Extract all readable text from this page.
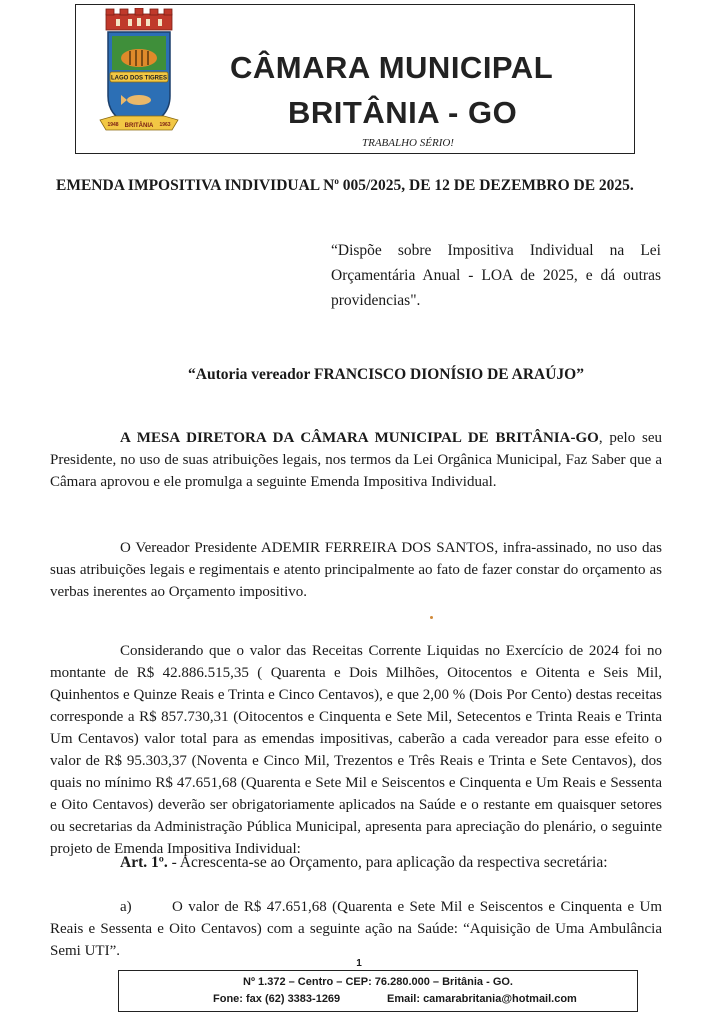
LAGO DOS TIGRES
1948 BRITÂNIA 1963
CÂMARA MUNICIPAL
BRITÂNIA - GO
TRABALHO SÉRIO!
EMENDA IMPOSITIVA INDIVIDUAL $N^o$ 005/2025, DE 12 DE DEZEMBRO DE 2025.
“Dispõe sobre Impositiva Individual na Lei Orçamentária Anual - LOA de 2025, e dá outras providencias".
“Autoria vereador FRANCISCO DIONÍSIO DE ARAÚJO”
A MESA DIRETORA DA CÂMARA MUNICIPAL DE BRITÂNIA-GO, pelo seu Presidente, no uso de suas atribuições legais, nos termos da Lei Orgânica Municipal, Faz Saber que a Câmara aprovou e ele promulga a seguinte Emenda Impositiva Individual.
O Vereador Presidente ADEMIR FERREIRA DOS SANTOS, infra-assinado, no uso das suas atribuições legais e regimentais e atento principalmente ao fato de fazer constar do orçamento as verbas inerentes ao Orçamento impositivo.
Considerando que o valor das Receitas Corrente Liquidas no Exercício de 2024 foi no montante de R$ 42.886.515,35 ( Quarenta e Dois Milhões, Oitocentos e Oitenta e Seis Mil, Quinhentos e Quinze Reais e Trinta e Cinco Centavos), e que 2,00 % (Dois Por Cento) destas receitas corresponde a R$ 857.730,31 (Oitocentos e Cinquenta e Sete Mil, Setecentos e Trinta Reais e Trinta Um Centavos) valor total para as emendas impositivas, caberão a cada vereador para esse efeito o valor de R$ 95.303,37 (Noventa e Cinco Mil, Trezentos e Três Reais e Trinta e Sete Centavos), dos quais no mínimo R$ 47.651,68 (Quarenta e Sete Mil e Seiscentos e Cinquenta e Um Reais e Sessenta e Oito Centavos) deverão ser obrigatoriamente aplicados na Saúde e o restante em quaisquer setores ou secretarias da Administração Pública Municipal, apresenta para apreciação do plenário, o seguinte projeto de Emenda Impositiva Individual:
Art. 1º. - Acrescenta-se ao Orçamento, para aplicação da respectiva secretária:
a)	O valor de R$ 47.651,68 (Quarenta e Sete Mil e Seiscentos e Cinquenta e Um Reais e Sessenta e Oito Centavos) com a seguinte ação na Saúde: “Aquisição de Uma Ambulância Semi UTI”.
1
Nº 1.372 – Centro – CEP: 76.280.000 – Britânia - GO.
Fone: fax (62) 3383-1269	Email: camarabritania@hotmail.com
